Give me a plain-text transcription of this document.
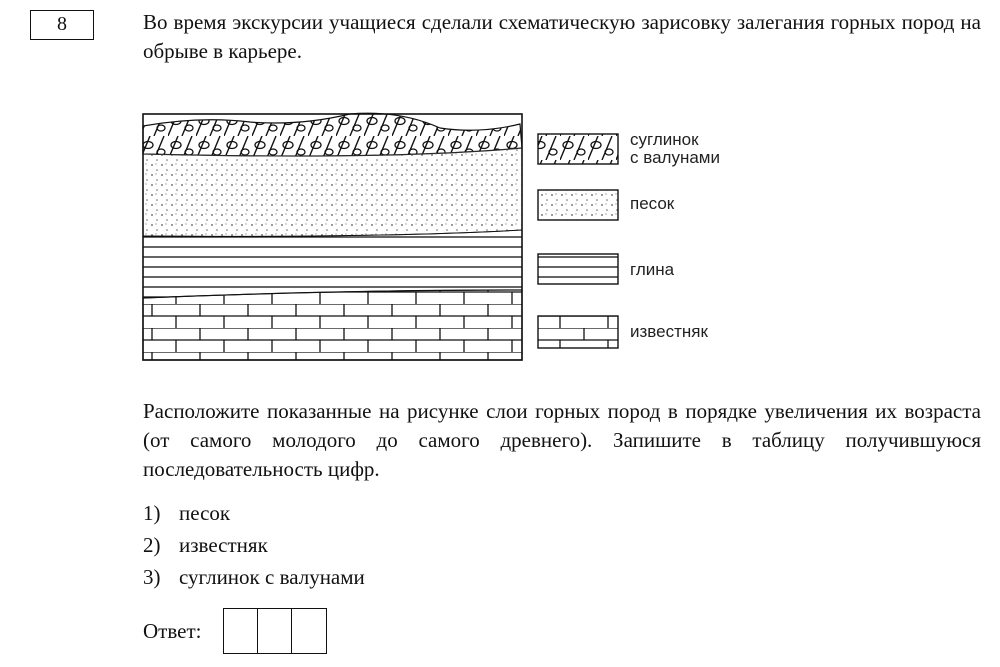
8	Во время экскурсии учащиеся сделали схематическую зарисовку залегания горных пород на обрыве в карьере.
суглинок
с валунами
песок
глина
известняк
Расположите показанные на рисунке слои горных пород в порядке увеличения их возраста (от самого молодого до самого древнего). Запишите в таблицу получившуюся последовательность цифр.
1) песок
2) известняк
3) суглинок с валунами
Ответ:
